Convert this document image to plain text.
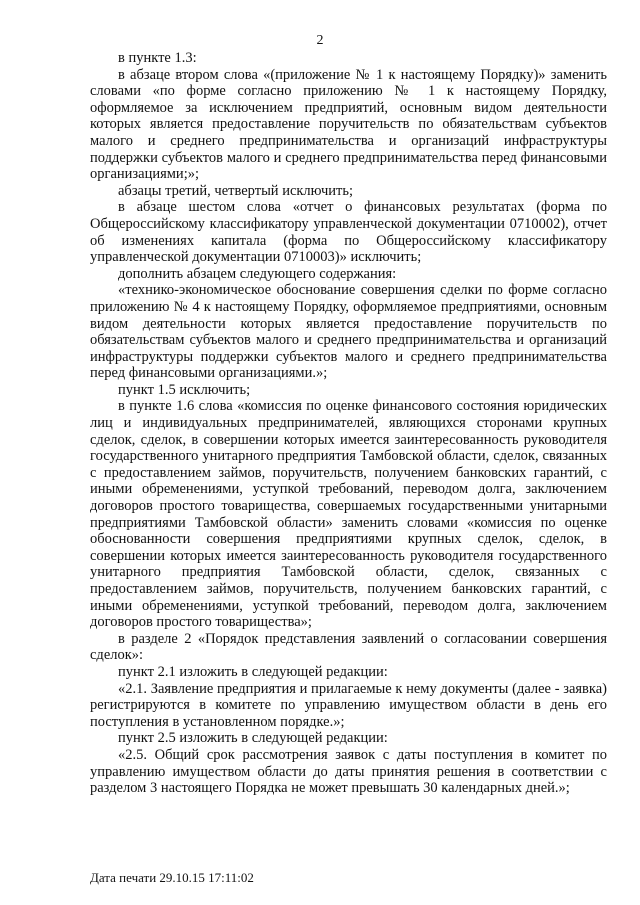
2

в пункте 1.3:

в абзаце втором слова «(приложение № 1 к настоящему Порядку)» заменить словами «по форме согласно приложению № 1 к настоящему Порядку, оформляемое за исключением предприятий, основным видом деятельности которых является предоставление поручительств по обязательствам субъектов малого и среднего предпринимательства и организаций инфраструктуры поддержки субъектов малого и среднего предпринимательства перед финансовыми организациями;»;

абзацы третий, четвертый исключить;

в абзаце шестом слова «отчет о финансовых результатах (форма по Общероссийскому классификатору управленческой документации 0710002), отчет об изменениях капитала (форма по Общероссийскому классификатору управленческой документации 0710003)» исключить;

дополнить абзацем следующего содержания:

«технико-экономическое обоснование совершения сделки по форме согласно приложению № 4 к настоящему Порядку, оформляемое предприятиями, основным видом деятельности которых является предоставление поручительств по обязательствам субъектов малого и среднего предпринимательства и организаций инфраструктуры поддержки субъектов малого и среднего предпринимательства перед финансовыми организациями.»;

пункт 1.5 исключить;

в пункте 1.6 слова «комиссия по оценке финансового состояния юридических лиц и индивидуальных предпринимателей, являющихся сторонами крупных сделок, сделок, в совершении которых имеется заинтересованность руководителя государственного унитарного предприятия Тамбовской области, сделок, связанных с предоставлением займов, поручительств, получением банковских гарантий, с иными обременениями, уступкой требований, переводом долга, заключением договоров простого товарищества, совершаемых государственными унитарными предприятиями Тамбовской области» заменить словами «комиссия по оценке обоснованности совершения предприятиями крупных сделок, сделок, в совершении которых имеется заинтересованность руководителя государственного унитарного предприятия Тамбовской области, сделок, связанных с предоставлением займов, поручительств, получением банковских гарантий, с иными обременениями, уступкой требований, переводом долга, заключением договоров простого товарищества»;

в разделе 2 «Порядок представления заявлений о согласовании совершения сделок»:

пункт 2.1 изложить в следующей редакции:

«2.1. Заявление предприятия и прилагаемые к нему документы (далее - заявка) регистрируются в комитете по управлению имуществом области в день его поступления в установленном порядке.»;

пункт 2.5 изложить в следующей редакции:

«2.5. Общий срок рассмотрения заявок с даты поступления в комитет по управлению имуществом области до даты принятия решения в соответствии с разделом 3 настоящего Порядка не может превышать 30 календарных дней.»;

Дата печати 29.10.15 17:11:02
